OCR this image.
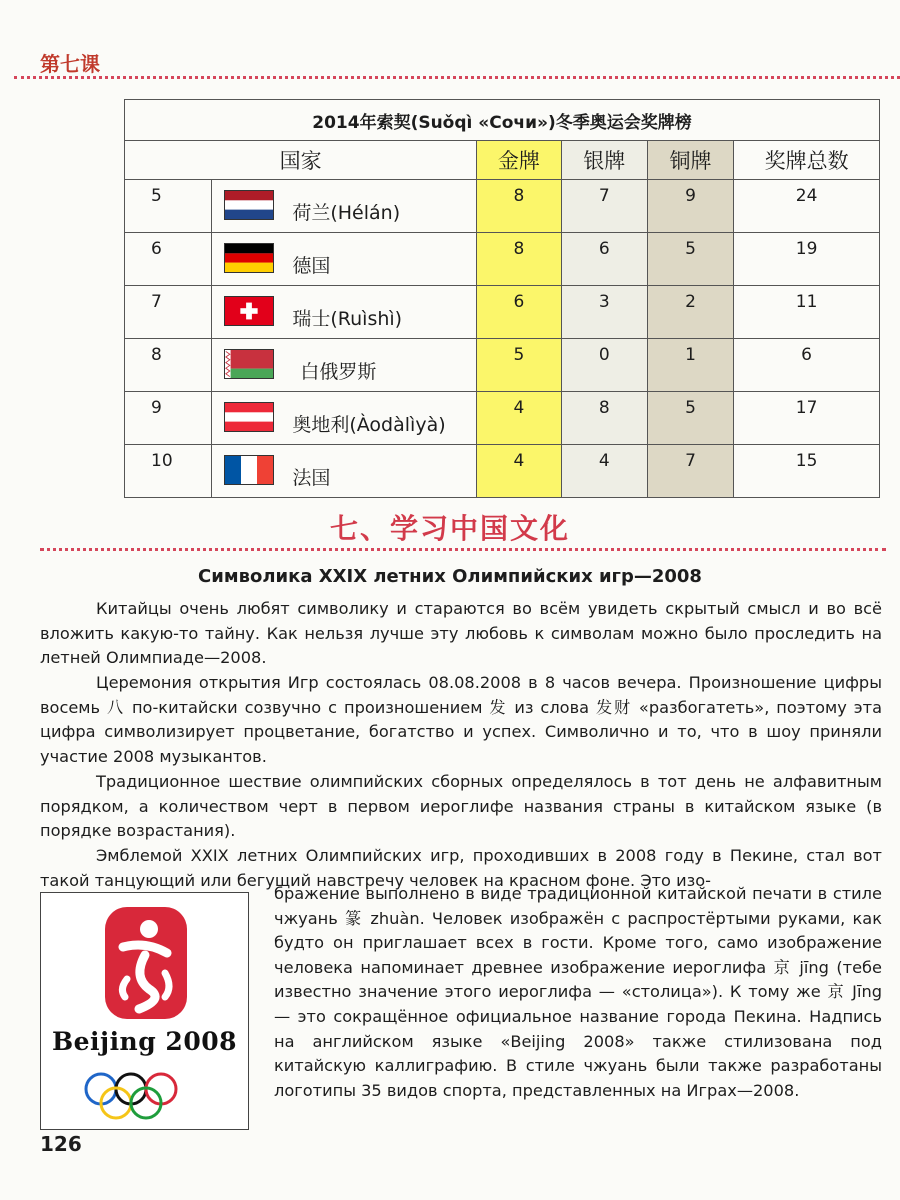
第七课
2014年索契(Suǒqì «Сочи»)冬季奥运会奖牌榜					
国家		金牌	银牌	铜牌	奖牌总数
5	荷兰(Hélán)	8	7	9	24
6	德国	8	6	5	19
7	瑞士(Ruìshì)	6	3	2	11
8	白俄罗斯	5	0	1	6
9	奥地利(Àodàlìyà)	4	8	5	17
10	法国	4	4	7	15
七、学习中国文化
Символика XXIX летних Олимпийских игр—2008

Китайцы очень любят символику и стараются во всём увидеть скрытый смысл и во всё вложить какую-то тайну. Как нельзя лучше эту любовь к символам можно было проследить на летней Олимпиаде—2008.

Церемония открытия Игр состоялась 08.08.2008 в 8 часов вечера. Произношение цифры восемь 八 по-китайски созвучно с произношением 发 из слова 发财 «разбогатеть», поэтому эта цифра символизирует процветание, богатство и успех. Символично и то, что в шоу приняли участие 2008 музыкантов.

Традиционное шествие олимпийских сборных определялось в тот день не алфавитным порядком, а количеством черт в первом иероглифе названия страны в китайском языке (в порядке возрастания).

Эмблемой XXIX летних Олимпийских игр, проходивших в 2008 году в Пекине, стал вот такой танцующий или бегущий навстречу человек на красном фоне. Это изо-

бражение выполнено в виде традиционной китайской печати в стиле чжуань 篆 zhuàn. Человек изображён с распростёртыми руками, как будто он приглашает всех в гости. Кроме того, само изображение человека напоминает древнее изображение иероглифа 京 jīng (тебе известно значение этого иероглифа — «столица»). К тому же 京 Jīng — это сокращённое официальное название города Пекина. Надпись на английском языке «Beijing 2008» также стилизована под китайскую каллиграфию. В стиле чжуань были также разработаны логотипы 35 видов спорта, представленных на Играх—2008.

Beijing 2008
126
